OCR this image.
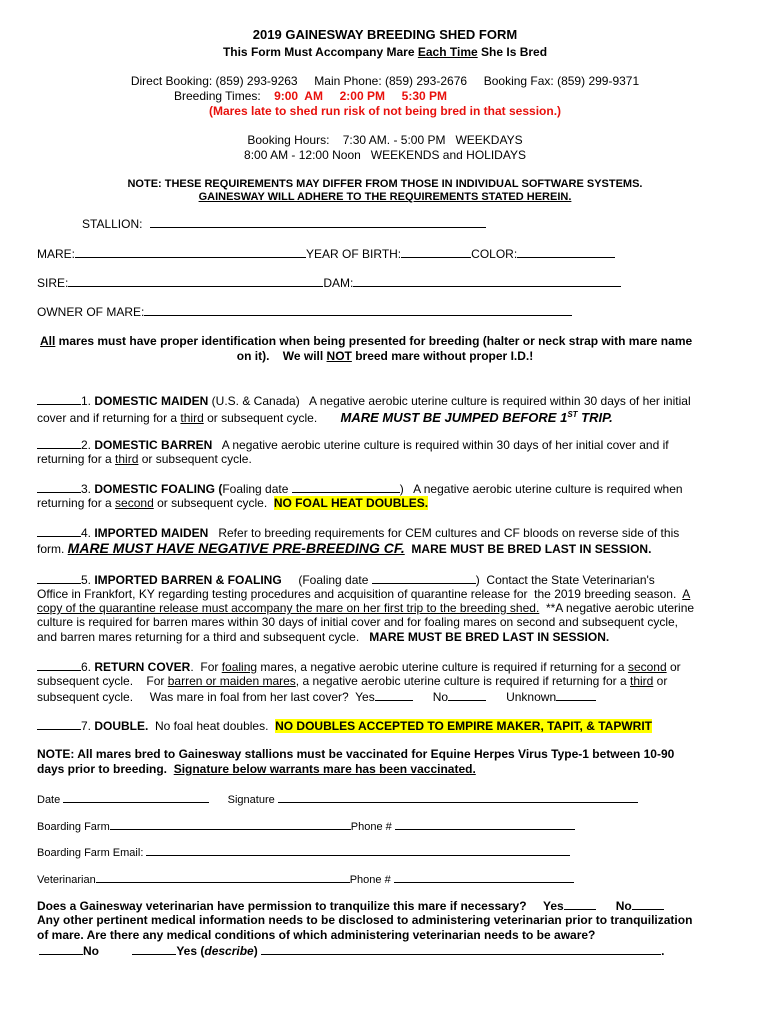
2019 GAINESWAY BREEDING SHED FORM
This Form Must Accompany Mare Each Time She Is Bred
Direct Booking: (859) 293-9263     Main Phone: (859) 293-2676     Booking Fax: (859) 299-9371
Breeding Times: 9:00  AM     2:00 PM     5:30 PM
(Mares late to shed run risk of not being bred in that session.)
Booking Hours:    7:30 AM. - 5:00 PM   WEEKDAYS
8:00 AM - 12:00 Noon   WEEKENDS and HOLIDAYS
NOTE: THESE REQUIREMENTS MAY DIFFER FROM THOSE IN INDIVIDUAL SOFTWARE SYSTEMS.
GAINESWAY WILL ADHERE TO THE REQUIREMENTS STATED HEREIN.
STALLION:
MARE:	YEAR OF BIRTH:	COLOR:
SIRE:	DAM:
OWNER OF MARE:
All mares must have proper identification when being presented for breeding (halter or neck strap with mare name
on it).    We will NOT breed mare without proper I.D.!
1. DOMESTIC MAIDEN (U.S. & Canada)   A negative aerobic uterine culture is required within 30 days of her initial
cover and if returning for a third or subsequent cycle. MARE MUST BE JUMPED BEFORE 1ST TRIP.
2. DOMESTIC BARREN   A negative aerobic uterine culture is required within 30 days of her initial cover and if
returning for a third or subsequent cycle.
3. DOMESTIC FOALING (Foaling date	)   A negative aerobic uterine culture is required when
returning for a second or subsequent cycle. NO FOAL HEAT DOUBLES.
4. IMPORTED MAIDEN   Refer to breeding requirements for CEM cultures and CF bloods on reverse side of this
form. MARE MUST HAVE NEGATIVE PRE-BREEDING CF.  MARE MUST BE BRED LAST IN SESSION.
5. IMPORTED BARREN & FOALING (Foaling date	)  Contact the State Veterinarian's
Office in Frankfort, KY regarding testing procedures and acquisition of quarantine release for  the 2019 breeding season.  A
copy of the quarantine release must accompany the mare on her first trip to the breeding shed.  **A negative aerobic uterine
culture is required for barren mares within 30 days of initial cover and for foaling mares on second and subsequent cycle,
and barren mares returning for a third and subsequent cycle.   MARE MUST BE BRED LAST IN SESSION.
6. RETURN COVER.  For foaling mares, a negative aerobic uterine culture is required if returning for a second or
subsequent cycle.    For barren or maiden mares, a negative aerobic uterine culture is required if returning for a third or
subsequent cycle.     Was mare in foal from her last cover? Yes	No	Unknown
7. DOUBLE.  No foal heat doubles.  NO DOUBLES ACCEPTED TO EMPIRE MAKER, TAPIT, & TAPWRIT
NOTE: All mares bred to Gainesway stallions must be vaccinated for Equine Herpes Virus Type-1 between 10-90
days prior to breeding.  Signature below warrants mare has been vaccinated.
Date	Signature
Boarding Farm	Phone #
Boarding Farm Email:
Veterinarian	Phone #
Does a Gainesway veterinarian have permission to tranquilize this mare if necessary? Yes	No
Any other pertinent medical information needs to be disclosed to administering veterinarian prior to tranquilization
of mare. Are there any medical conditions of which administering veterinarian needs to be aware?
No	Yes (describe)	.
